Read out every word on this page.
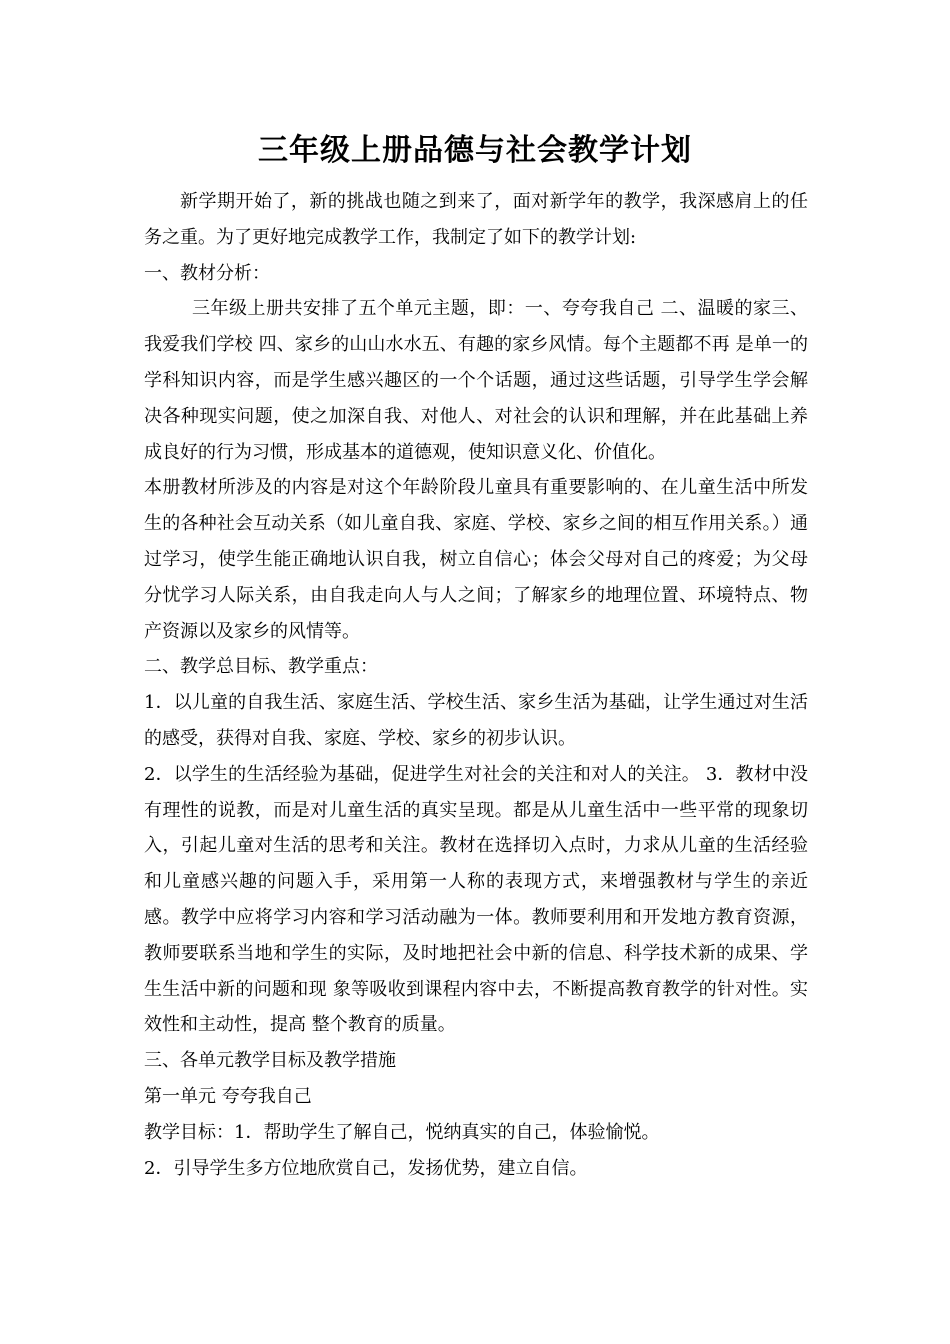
三年级上册品德与社会教学计划

新学期开始了，新的挑战也随之到来了，面对新学年的教学，我深感肩上的任务之重。为了更好地完成教学工作，我制定了如下的教学计划:

一、教材分析：

三年级上册共安排了五个单元主题，即：一、夸夸我自己 二、温暖的家三、我爱我们学校 四、家乡的山山水水五、有趣的家乡风情。每个主题都不再 是单一的学科知识内容，而是学生感兴趣区的一个个话题，通过这些话题，引导学生学会解决各种现实问题，使之加深自我、对他人、对社会的认识和理解，并在此基础上养成良好的行为习惯，形成基本的道德观，使知识意义化、价值化。

本册教材所涉及的内容是对这个年龄阶段儿童具有重要影响的、在儿童生活中所发生的各种社会互动关系（如儿童自我、家庭、学校、家乡之间的相互作用关系。）通过学习，使学生能正确地认识自我，树立自信心；体会父母对自己的疼爱；为父母分忧学习人际关系，由自我走向人与人之间；了解家乡的地理位置、环境特点、物产资源以及家乡的风情等。

二、教学总目标、教学重点：

1．以儿童的自我生活、家庭生活、学校生活、家乡生活为基础，让学生通过对生活的感受，获得对自我、家庭、学校、家乡的初步认识。

2．以学生的生活经验为基础，促进学生对社会的关注和对人的关注。 3．教材中没有理性的说教，而是对儿童生活的真实呈现。都是从儿童生活中一些平常的现象切入，引起儿童对生活的思考和关注。教材在选择切入点时，力求从儿童的生活经验和儿童感兴趣的问题入手，采用第一人称的表现方式，来增强教材与学生的亲近感。教学中应将学习内容和学习活动融为一体。教师要利用和开发地方教育资源，教师要联系当地和学生的实际，及时地把社会中新的信息、科学技术新的成果、学生生活中新的问题和现 象等吸收到课程内容中去，不断提高教育教学的针对性。实效性和主动性，提高 整个教育的质量。

三、各单元教学目标及教学措施

第一单元 夸夸我自己

教学目标：1．帮助学生了解自己，悦纳真实的自己，体验愉悦。

2．引导学生多方位地欣赏自己，发扬优势，建立自信。
